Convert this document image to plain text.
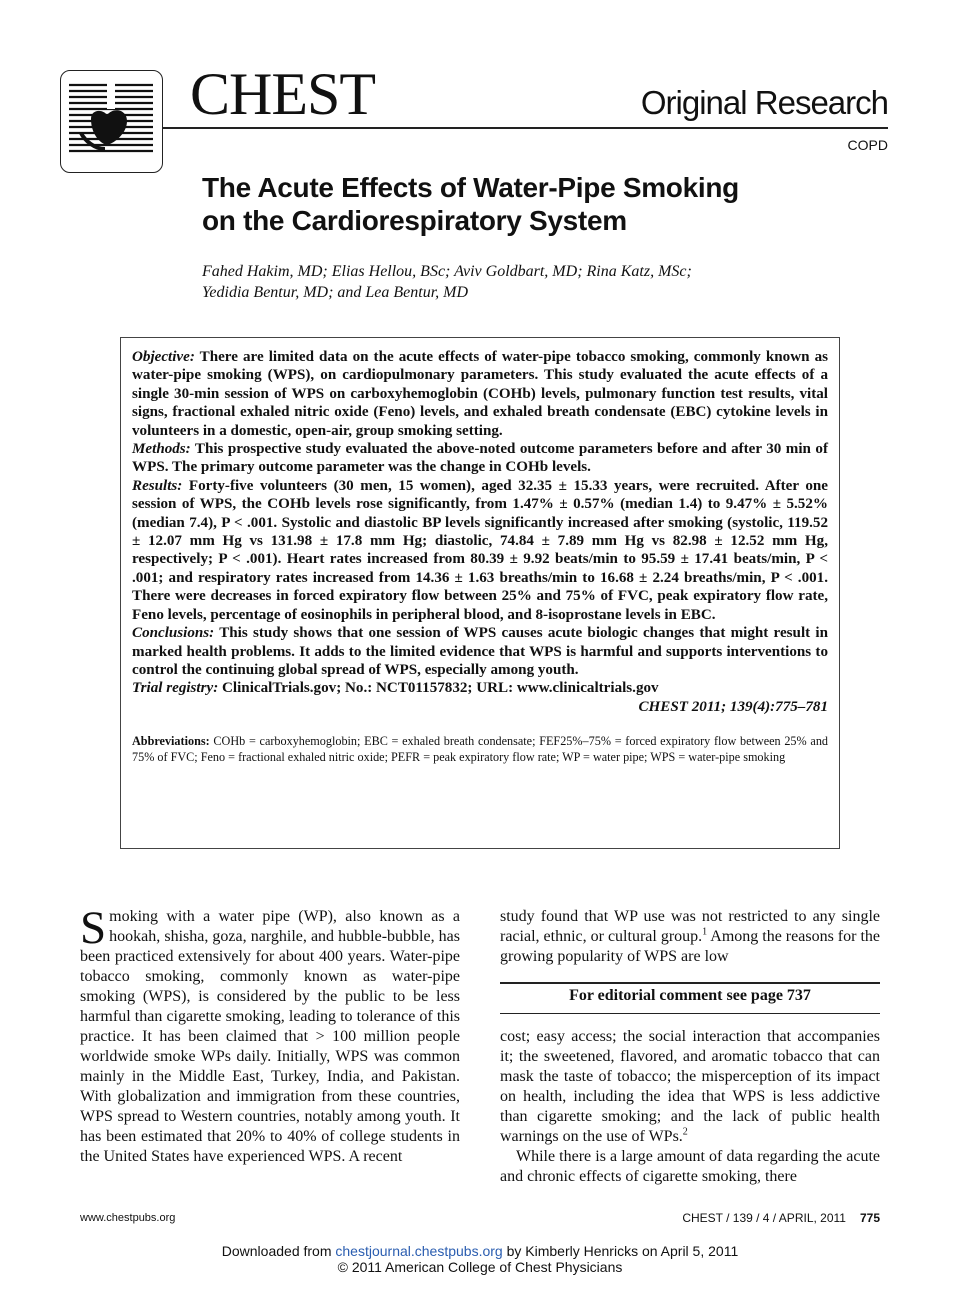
CHEST	Original Research
COPD
The Acute Effects of Water-Pipe Smoking
on the Cardiorespiratory System
Fahed Hakim, MD; Elias Hellou, BSc; Aviv Goldbart, MD; Rina Katz, MSc;
Yedidia Bentur, MD; and Lea Bentur, MD

Objective: There are limited data on the acute effects of water-pipe tobacco smoking, commonly known as water-pipe smoking (WPS), on cardiopulmonary parameters. This study evaluated the acute effects of a single 30-min session of WPS on carboxyhemoglobin (COHb) levels, pulmonary function test results, vital signs, fractional exhaled nitric oxide (Feno) levels, and exhaled breath condensate (EBC) cytokine levels in volunteers in a domestic, open-air, group smoking setting.

Methods: This prospective study evaluated the above-noted outcome parameters before and after 30 min of WPS. The primary outcome parameter was the change in COHb levels.

Results: Forty-five volunteers (30 men, 15 women), aged 32.35 ± 15.33 years, were recruited. After one session of WPS, the COHb levels rose significantly, from 1.47% ± 0.57% (median 1.4) to 9.47% ± 5.52% (median 7.4), P < .001. Systolic and diastolic BP levels significantly increased after smoking (systolic, 119.52 ± 12.07 mm Hg vs 131.98 ± 17.8 mm Hg; diastolic, 74.84 ± 7.89 mm Hg vs 82.98 ± 12.52 mm Hg, respectively; P < .001). Heart rates increased from 80.39 ± 9.92 beats/min to 95.59 ± 17.41 beats/min, P < .001; and respiratory rates increased from 14.36 ± 1.63 breaths/min to 16.68 ± 2.24 breaths/min, P < .001. There were decreases in forced expiratory flow between 25% and 75% of FVC, peak expiratory flow rate, Feno levels, percentage of eosinophils in peripheral blood, and 8-isoprostane levels in EBC.

Conclusions: This study shows that one session of WPS causes acute biologic changes that might result in marked health problems. It adds to the limited evidence that WPS is harmful and supports interventions to control the continuing global spread of WPS, especially among youth.

Trial registry: ClinicalTrials.gov; No.: NCT01157832; URL: www.clinicaltrials.gov

CHEST 2011; 139(4):775–781

Abbreviations: COHb = carboxyhemoglobin; EBC = exhaled breath condensate; FEF25%–75% = forced expiratory flow between 25% and 75% of FVC; Feno = fractional exhaled nitric oxide; PEFR = peak expiratory flow rate; WP = water pipe; WPS = water-pipe smoking

Smoking with a water pipe (WP), also known as a hookah, shisha, goza, narghile, and hubble-bubble, has been practiced extensively for about 400 years. Water-pipe tobacco smoking, commonly known as water-pipe smoking (WPS), is considered by the public to be less harmful than cigarette smoking, leading to tolerance of this practice. It has been claimed that > 100 million people worldwide smoke WPs daily. Initially, WPS was common mainly in the Middle East, Turkey, India, and Pakistan. With globalization and immigration from these countries, WPS spread to Western countries, notably among youth. It has been estimated that 20% to 40% of college students in the United States have experienced WPS. A recent

study found that WP use was not restricted to any single racial, ethnic, or cultural group.$^1$ Among the reasons for the growing popularity of WPS are low

For editorial comment see page 737

cost; easy access; the social interaction that accompanies it; the sweetened, flavored, and aromatic tobacco that can mask the taste of tobacco; the misperception of its impact on health, including the idea that WPS is less addictive than cigarette smoking; and the lack of public health warnings on the use of WPs.$^2$

While there is a large amount of data regarding the acute and chronic effects of cigarette smoking, there

www.chestpubs.org	CHEST / 139 / 4 / APRIL, 2011 775
Downloaded from chestjournal.chestpubs.org by Kimberly Henricks on April 5, 2011
© 2011 American College of Chest Physicians
